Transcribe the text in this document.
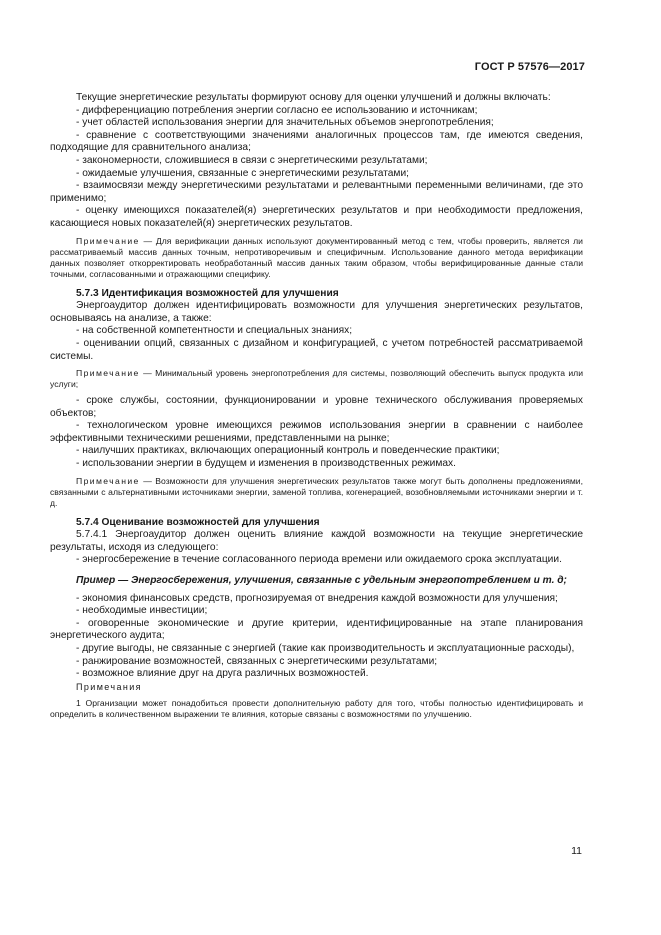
ГОСТ Р 57576—2017

Текущие энергетические результаты формируют основу для оценки улучшений и должны включать:

- дифференциацию потребления энергии согласно ее использованию и источникам;

- учет областей использования энергии для значительных объемов энергопотребления;

- сравнение с соответствующими значениями аналогичных процессов там, где имеются сведения, подходящие для сравнительного анализа;

- закономерности, сложившиеся в связи с энергетическими результатами;

- ожидаемые улучшения, связанные с энергетическими результатами;

- взаимосвязи между энергетическими результатами и релевантными переменными величинами, где это применимо;

- оценку имеющихся показателей(я) энергетических результатов и при необходимости предложения, касающиеся новых показателей(я) энергетических результатов.

Примечание — Для верификации данных используют документированный метод с тем, чтобы проверить, является ли рассматриваемый массив данных точным, непротиворечивым и специфичным. Использование данного метода верификации данных позволяет откорректировать необработанный массив данных таким образом, чтобы верифицированные данные стали точными, согласованными и отражающими специфику.

5.7.3 Идентификация возможностей для улучшения

Энергоаудитор должен идентифицировать возможности для улучшения энергетических результатов, основываясь на анализе, а также:

- на собственной компетентности и специальных знаниях;

- оценивании опций, связанных с дизайном и конфигурацией, с учетом потребностей рассматриваемой системы.

Примечание — Минимальный уровень энергопотребления для системы, позволяющий обеспечить выпуск продукта или услуги;

- сроке службы, состоянии, функционировании и уровне технического обслуживания проверяемых объектов;

- технологическом уровне имеющихся режимов использования энергии в сравнении с наиболее эффективными техническими решениями, представленными на рынке;

- наилучших практиках, включающих операционный контроль и поведенческие практики;

- использовании энергии в будущем и изменения в производственных режимах.

Примечание — Возможности для улучшения энергетических результатов также могут быть дополнены предложениями, связанными с альтернативными источниками энергии, заменой топлива, когенерацией, возобновляемыми источниками энергии и т. д.

5.7.4 Оценивание возможностей для улучшения

5.7.4.1 Энергоаудитор должен оценить влияние каждой возможности на текущие энергетические результаты, исходя из следующего:

- энергосбережение в течение согласованного периода времени или ожидаемого срока эксплуатации.

Пример — Энергосбережения, улучшения, связанные с удельным энергопотреблением и т. д;

- экономия финансовых средств, прогнозируемая от внедрения каждой возможности для улучшения;

- необходимые инвестиции;

- оговоренные экономические и другие критерии, идентифицированные на этапе планирования энергетического аудита;

- другие выгоды, не связанные с энергией (такие как производительность и эксплуатационные расходы),

- ранжирование возможностей, связанных с энергетическими результатами;

- возможное влияние друг на друга различных возможностей.

Примечания

1 Организации может понадобиться провести дополнительную работу для того, чтобы полностью идентифицировать и определить в количественном выражении те влияния, которые связаны с возможностями по улучшению.

11
